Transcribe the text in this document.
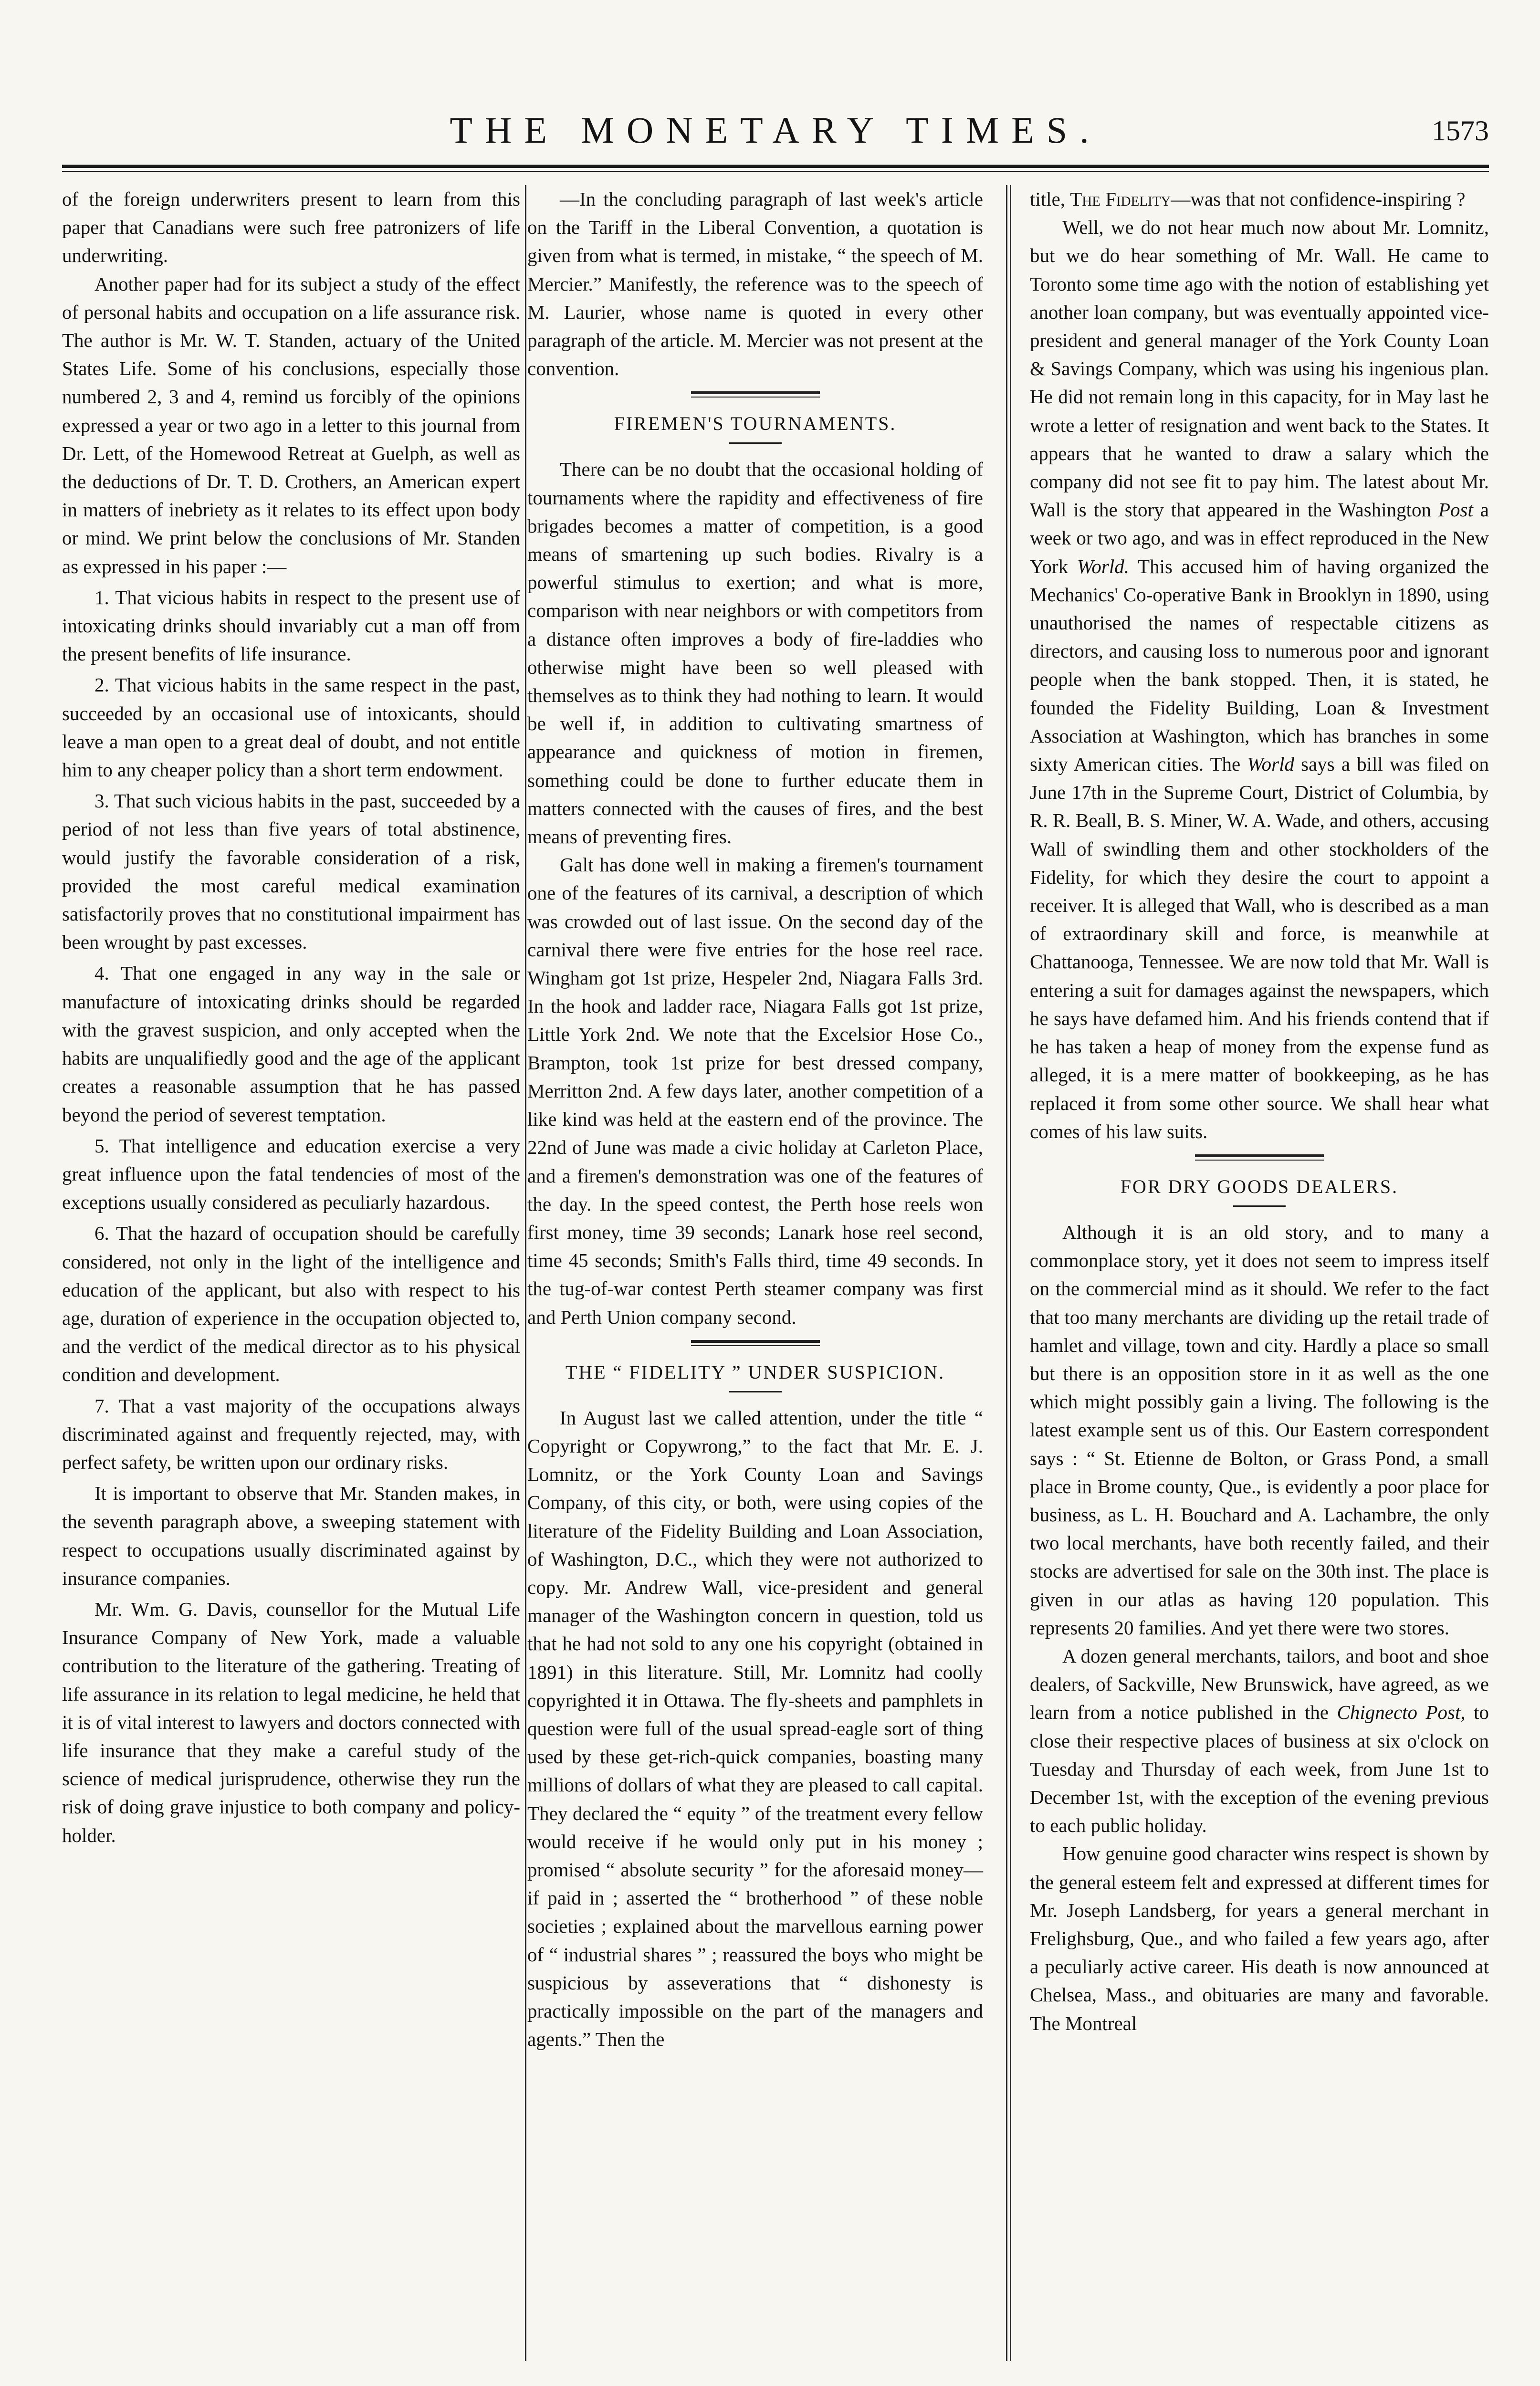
THE MONETARY TIMES.	1573

of the foreign underwriters present to learn from this paper that Canadians were such free patronizers of life underwriting.

Another paper had for its subject a study of the effect of personal habits and occupation on a life assurance risk. The author is Mr. W. T. Standen, actuary of the United States Life. Some of his conclusions, especially those numbered 2, 3 and 4, remind us forcibly of the opinions expressed a year or two ago in a letter to this journal from Dr. Lett, of the Homewood Retreat at Guelph, as well as the deductions of Dr. T. D. Crothers, an American expert in matters of inebriety as it relates to its effect upon body or mind. We print below the conclusions of Mr. Standen as expressed in his paper :—

1. That vicious habits in respect to the present use of intoxicating drinks should invariably cut a man off from the present benefits of life insurance.

2. That vicious habits in the same respect in the past, succeeded by an occasional use of intoxicants, should leave a man open to a great deal of doubt, and not entitle him to any cheaper policy than a short term endowment.

3. That such vicious habits in the past, succeeded by a period of not less than five years of total abstinence, would justify the favorable consideration of a risk, provided the most careful medical examination satisfactorily proves that no constitutional impairment has been wrought by past excesses.

4. That one engaged in any way in the sale or manufacture of intoxicating drinks should be regarded with the gravest suspicion, and only accepted when the habits are unqualifiedly good and the age of the applicant creates a reasonable assumption that he has passed beyond the period of severest temptation.

5. That intelligence and education exercise a very great influence upon the fatal tendencies of most of the exceptions usually considered as peculiarly hazardous.

6. That the hazard of occupation should be carefully considered, not only in the light of the intelligence and education of the applicant, but also with respect to his age, duration of experience in the occupation objected to, and the verdict of the medical director as to his physical condition and development.

7. That a vast majority of the occupations always discriminated against and frequently rejected, may, with perfect safety, be written upon our ordinary risks.

It is important to observe that Mr. Standen makes, in the seventh paragraph above, a sweeping statement with respect to occupations usually discriminated against by insurance companies.

Mr. Wm. G. Davis, counsellor for the Mutual Life Insurance Company of New York, made a valuable contribution to the literature of the gathering. Treating of life assurance in its relation to legal medicine, he held that it is of vital interest to lawyers and doctors connected with life insurance that they make a careful study of the science of medical jurisprudence, otherwise they run the risk of doing grave injustice to both company and policy-holder.

—In the concluding paragraph of last week's article on the Tariff in the Liberal Convention, a quotation is given from what is termed, in mistake, “ the speech of M. Mercier.” Manifestly, the reference was to the speech of M. Laurier, whose name is quoted in every other paragraph of the article. M. Mercier was not present at the convention.

FIREMEN'S TOURNAMENTS.

There can be no doubt that the occasional holding of tournaments where the rapidity and effectiveness of fire brigades becomes a matter of competition, is a good means of smartening up such bodies. Rivalry is a powerful stimulus to exertion; and what is more, comparison with near neighbors or with competitors from a distance often improves a body of fire-laddies who otherwise might have been so well pleased with themselves as to think they had nothing to learn. It would be well if, in addition to cultivating smartness of appearance and quickness of motion in firemen, something could be done to further educate them in matters connected with the causes of fires, and the best means of preventing fires.

Galt has done well in making a firemen's tournament one of the features of its carnival, a description of which was crowded out of last issue. On the second day of the carnival there were five entries for the hose reel race. Wingham got 1st prize, Hespeler 2nd, Niagara Falls 3rd. In the hook and ladder race, Niagara Falls got 1st prize, Little York 2nd. We note that the Excelsior Hose Co., Brampton, took 1st prize for best dressed company, Merritton 2nd. A few days later, another competition of a like kind was held at the eastern end of the province. The 22nd of June was made a civic holiday at Carleton Place, and a firemen's demonstration was one of the features of the day. In the speed contest, the Perth hose reels won first money, time 39 seconds; Lanark hose reel second, time 45 seconds; Smith's Falls third, time 49 seconds. In the tug-of-war contest Perth steamer company was first and Perth Union company second.

THE “ FIDELITY ” UNDER SUSPICION.

In August last we called attention, under the title “ Copyright or Copywrong,” to the fact that Mr. E. J. Lomnitz, or the York County Loan and Savings Company, of this city, or both, were using copies of the literature of the Fidelity Building and Loan Association, of Washington, D.C., which they were not authorized to copy. Mr. Andrew Wall, vice-president and general manager of the Washington concern in question, told us that he had not sold to any one his copyright (obtained in 1891) in this literature. Still, Mr. Lomnitz had coolly copyrighted it in Ottawa. The fly-sheets and pamphlets in question were full of the usual spread-eagle sort of thing used by these get-rich-quick companies, boasting many millions of dollars of what they are pleased to call capital. They declared the “ equity ” of the treatment every fellow would receive if he would only put in his money ; promised “ absolute security ” for the aforesaid money—if paid in ; asserted the “ brotherhood ” of these noble societies ; explained about the marvellous earning power of “ industrial shares ” ; reassured the boys who might be suspicious by asseverations that “ dishonesty is practically impossible on the part of the managers and agents.” Then the

title, The Fidelity—was that not confidence-inspiring ?

Well, we do not hear much now about Mr. Lomnitz, but we do hear something of Mr. Wall. He came to Toronto some time ago with the notion of establishing yet another loan company, but was eventually appointed vice-president and general manager of the York County Loan & Savings Company, which was using his ingenious plan. He did not remain long in this capacity, for in May last he wrote a letter of resignation and went back to the States. It appears that he wanted to draw a salary which the company did not see fit to pay him. The latest about Mr. Wall is the story that appeared in the Washington Post a week or two ago, and was in effect reproduced in the New York World. This accused him of having organized the Mechanics' Co-operative Bank in Brooklyn in 1890, using unauthorised the names of respectable citizens as directors, and causing loss to numerous poor and ignorant people when the bank stopped. Then, it is stated, he founded the Fidelity Building, Loan & Investment Association at Washington, which has branches in some sixty American cities. The World says a bill was filed on June 17th in the Supreme Court, District of Columbia, by R. R. Beall, B. S. Miner, W. A. Wade, and others, accusing Wall of swindling them and other stockholders of the Fidelity, for which they desire the court to appoint a receiver. It is alleged that Wall, who is described as a man of extraordinary skill and force, is meanwhile at Chattanooga, Tennessee. We are now told that Mr. Wall is entering a suit for damages against the newspapers, which he says have defamed him. And his friends contend that if he has taken a heap of money from the expense fund as alleged, it is a mere matter of bookkeeping, as he has replaced it from some other source. We shall hear what comes of his law suits.

FOR DRY GOODS DEALERS.

Although it is an old story, and to many a commonplace story, yet it does not seem to impress itself on the commercial mind as it should. We refer to the fact that too many merchants are dividing up the retail trade of hamlet and village, town and city. Hardly a place so small but there is an opposition store in it as well as the one which might possibly gain a living. The following is the latest example sent us of this. Our Eastern correspondent says : “ St. Etienne de Bolton, or Grass Pond, a small place in Brome county, Que., is evidently a poor place for business, as L. H. Bouchard and A. Lachambre, the only two local merchants, have both recently failed, and their stocks are advertised for sale on the 30th inst. The place is given in our atlas as having 120 population. This represents 20 families. And yet there were two stores.

A dozen general merchants, tailors, and boot and shoe dealers, of Sackville, New Brunswick, have agreed, as we learn from a notice published in the Chignecto Post, to close their respective places of business at six o'clock on Tuesday and Thursday of each week, from June 1st to December 1st, with the exception of the evening previous to each public holiday.

How genuine good character wins respect is shown by the general esteem felt and expressed at different times for Mr. Joseph Landsberg, for years a general merchant in Frelighsburg, Que., and who failed a few years ago, after a peculiarly active career. His death is now announced at Chelsea, Mass., and obituaries are many and favorable. The Montreal
